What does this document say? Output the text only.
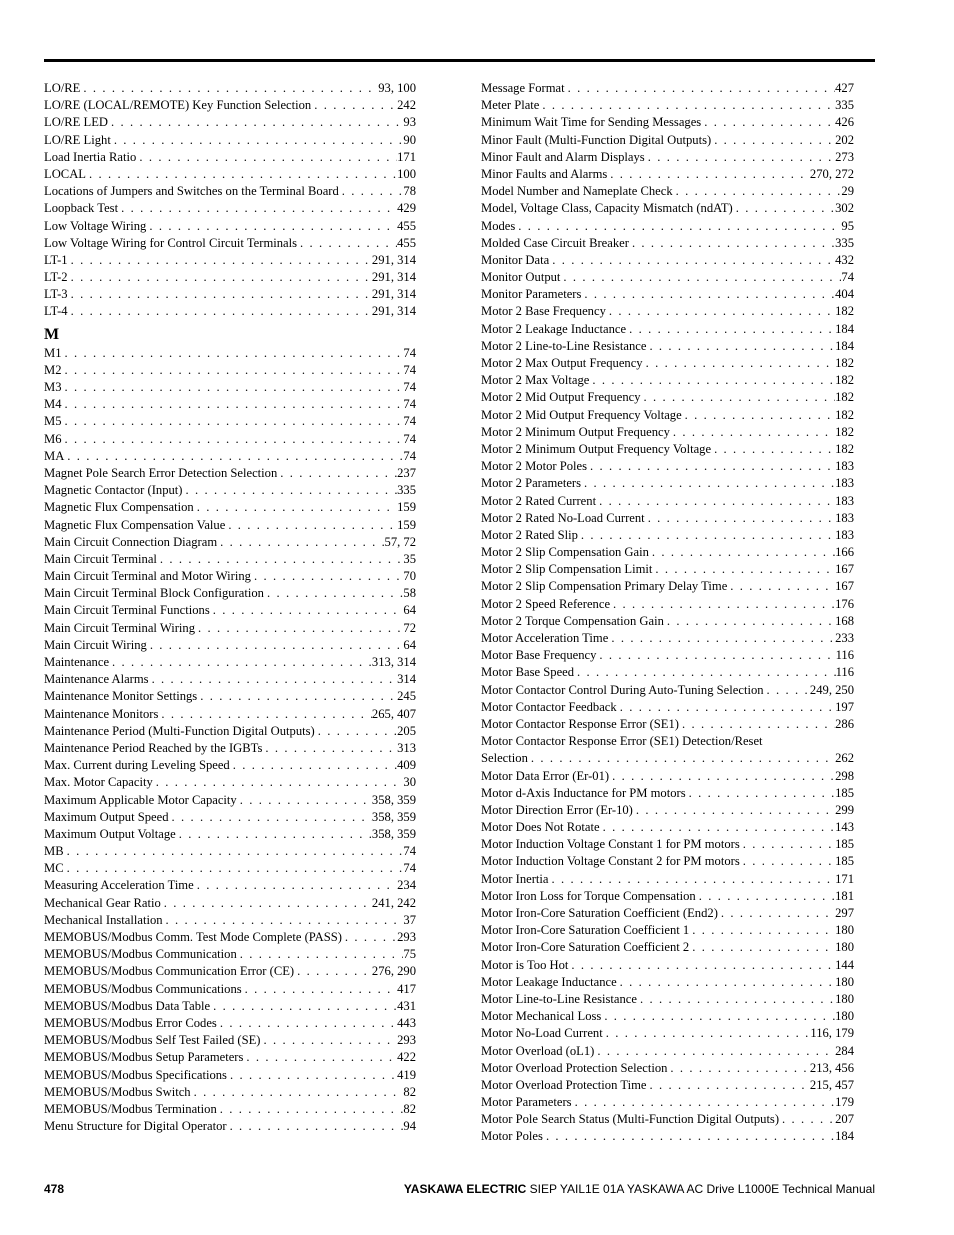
LO/RE . . .	93, 100
LO/RE (LOCAL/REMOTE) Key Function Selection . . .	242
LO/RE LED . . .	93
LO/RE Light . . .	90
Load Inertia Ratio . . .	171
LOCAL . . .	100
Locations of Jumpers and Switches on the Terminal Board . . .	78
Loopback Test . . .	429
Low Voltage Wiring . . .	455
Low Voltage Wiring for Control Circuit Terminals . . .	455
LT-1 . . .	291, 314
LT-2 . . .	291, 314
LT-3 . . .	291, 314
LT-4 . . .	291, 314
M
M1 . . .	74
M2 . . .	74
M3 . . .	74
M4 . . .	74
M5 . . .	74
M6 . . .	74
MA . . .	74
Magnet Pole Search Error Detection Selection . . .	237
Magnetic Contactor (Input) . . .	335
Magnetic Flux Compensation . . .	159
Magnetic Flux Compensation Value . . .	159
Main Circuit Connection Diagram . . .	57, 72
Main Circuit Terminal . . .	35
Main Circuit Terminal and Motor Wiring . . .	70
Main Circuit Terminal Block Configuration . . .	58
Main Circuit Terminal Functions . . .	64
Main Circuit Terminal Wiring . . .	72
Main Circuit Wiring . . .	64
Maintenance . . .	313, 314
Maintenance Alarms . . .	314
Maintenance Monitor Settings . . .	245
Maintenance Monitors . . .	265, 407
Maintenance Period (Multi-Function Digital Outputs) . . .	205
Maintenance Period Reached by the IGBTs . . .	313
Max. Current during Leveling Speed . . .	409
Max. Motor Capacity . . .	30
Maximum Applicable Motor Capacity . . .	358, 359
Maximum Output Speed . . .	358, 359
Maximum Output Voltage . . .	358, 359
MB . . .	74
MC . . .	74
Measuring Acceleration Time . . .	234
Mechanical Gear Ratio . . .	241, 242
Mechanical Installation . . .	37
MEMOBUS/Modbus Comm. Test Mode Complete (PASS) . . .	293
MEMOBUS/Modbus Communication . . .	75
MEMOBUS/Modbus Communication Error (CE) . . .	276, 290
MEMOBUS/Modbus Communications . . .	417
MEMOBUS/Modbus Data Table . . .	431
MEMOBUS/Modbus Error Codes . . .	443
MEMOBUS/Modbus Self Test Failed (SE) . . .	293
MEMOBUS/Modbus Setup Parameters . . .	422
MEMOBUS/Modbus Specifications . . .	419
MEMOBUS/Modbus Switch . . .	82
MEMOBUS/Modbus Termination . . .	82
Menu Structure for Digital Operator . . .	94
Message Format . . .	427
Meter Plate . . .	335
Minimum Wait Time for Sending Messages . . .	426
Minor Fault (Multi-Function Digital Outputs) . . .	202
Minor Fault and Alarm Displays . . .	273
Minor Faults and Alarms . . .	270, 272
Model Number and Nameplate Check . . .	29
Model, Voltage Class, Capacity Mismatch (ndAT) . . .	302
Modes . . .	95
Molded Case Circuit Breaker . . .	335
Monitor Data . . .	432
Monitor Output . . .	74
Monitor Parameters . . .	404
Motor 2 Base Frequency . . .	182
Motor 2 Leakage Inductance . . .	184
Motor 2 Line-to-Line Resistance . . .	184
Motor 2 Max Output Frequency . . .	182
Motor 2 Max Voltage . . .	182
Motor 2 Mid Output Frequency . . .	182
Motor 2 Mid Output Frequency Voltage . . .	182
Motor 2 Minimum Output Frequency . . .	182
Motor 2 Minimum Output Frequency Voltage . . .	182
Motor 2 Motor Poles . . .	183
Motor 2 Parameters . . .	183
Motor 2 Rated Current . . .	183
Motor 2 Rated No-Load Current . . .	183
Motor 2 Rated Slip . . .	183
Motor 2 Slip Compensation Gain . . .	166
Motor 2 Slip Compensation Limit . . .	167
Motor 2 Slip Compensation Primary Delay Time . . .	167
Motor 2 Speed Reference . . .	176
Motor 2 Torque Compensation Gain . . .	168
Motor Acceleration Time . . .	233
Motor Base Frequency . . .	116
Motor Base Speed . . .	116
Motor Contactor Control During Auto-Tuning Selection . . .	249, 250
Motor Contactor Feedback . . .	197
Motor Contactor Response Error (SE1) . . .	286
Motor Contactor Response Error (SE1) Detection/Reset
Selection . . .	262
Motor Data Error (Er-01) . . .	298
Motor d-Axis Inductance for PM motors . . .	185
Motor Direction Error (Er-10) . . .	299
Motor Does Not Rotate . . .	143
Motor Induction Voltage Constant 1 for PM motors . . .	185
Motor Induction Voltage Constant 2 for PM motors . . .	185
Motor Inertia . . .	171
Motor Iron Loss for Torque Compensation . . .	181
Motor Iron-Core Saturation Coefficient (End2) . . .	297
Motor Iron-Core Saturation Coefficient 1 . . .	180
Motor Iron-Core Saturation Coefficient 2 . . .	180
Motor is Too Hot . . .	144
Motor Leakage Inductance . . .	180
Motor Line-to-Line Resistance . . .	180
Motor Mechanical Loss . . .	180
Motor No-Load Current . . .	116, 179
Motor Overload (oL1) . . .	284
Motor Overload Protection Selection . . .	213, 456
Motor Overload Protection Time . . .	215, 457
Motor Parameters . . .	179
Motor Pole Search Status (Multi-Function Digital Outputs) . . .	207
Motor Poles . . .	184
478	YASKAWA ELECTRIC SIEP YAIL1E 01A YASKAWA AC Drive L1000E Technical Manual
